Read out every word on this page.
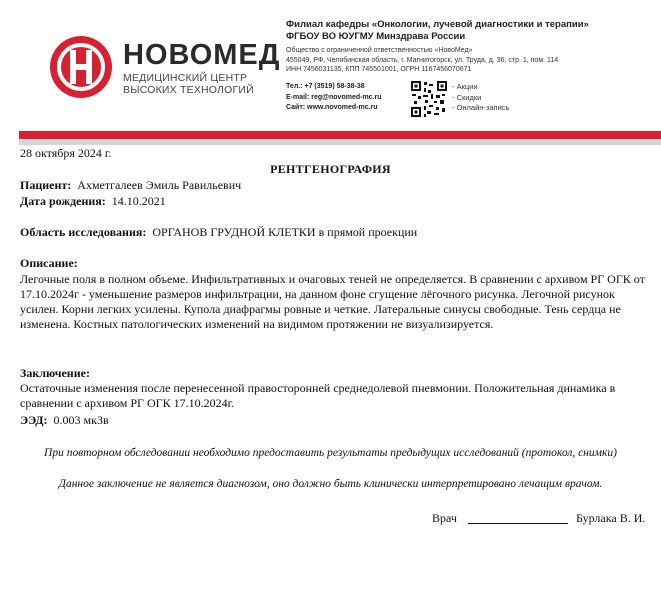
НОВОМЕД
МЕДИЦИНСКИЙ ЦЕНТР
ВЫСОКИХ ТЕХНОЛОГИЙ
Филиал кафедры «Онкологии, лучевой диагностики и терапии»
ФГБОУ ВО ЮУГМУ Минздрава России
Общество с ограниченной ответственностью «НовоМед»
455049, РФ, Челябинская область, г. Магнитогорск, ул. Труда, д. 36, стр. 1, пом. 114
ИНН 7456031135, КПП 745501001, ОГРН 1167456070671
Тел.: +7 (3519) 58-38-38
E-mail: reg@novomed-mc.ru
Сайт: www.novomed-mc.ru
- Акции
- Скидки
- Онлайн-запись
28 октября 2024 г.
РЕНТГЕНОГРАФИЯ
Пациент: Ахметгалеев Эмиль Равильевич
Дата рождения: 14.10.2021
Область исследования: ОРГАНОВ ГРУДНОЙ КЛЕТКИ в прямой проекции
Описание:
Легочные поля в полном объеме. Инфильтративных и очаговых теней не определяется. В сравнении с архивом РГ ОГК от 17.10.2024г - уменьшение размеров инфильтрации, на данном фоне сгущение лёгочного рисунка. Легочной рисунок усилен. Корни легких усилены. Купола диафрагмы ровные и четкие. Латеральные синусы свободные. Тень сердца не изменена. Костных патологических изменений на видимом протяжении не визуализируется.
Заключение:
Остаточные изменения после перенесенной правосторонней среднедолевой пневмонии. Положительная динамика в сравнении с архивом РГ ОГК 17.10.2024г.
ЭЭД: 0.003 мкЗв
При повторном обследовании необходимо предоставить результаты предыдущих исследований (протокол, снимки)
Данное заключение не является диагнозом, оно должно быть клинически интерпретировано лечащим врачом.
Врач	Бурлака В. И.
